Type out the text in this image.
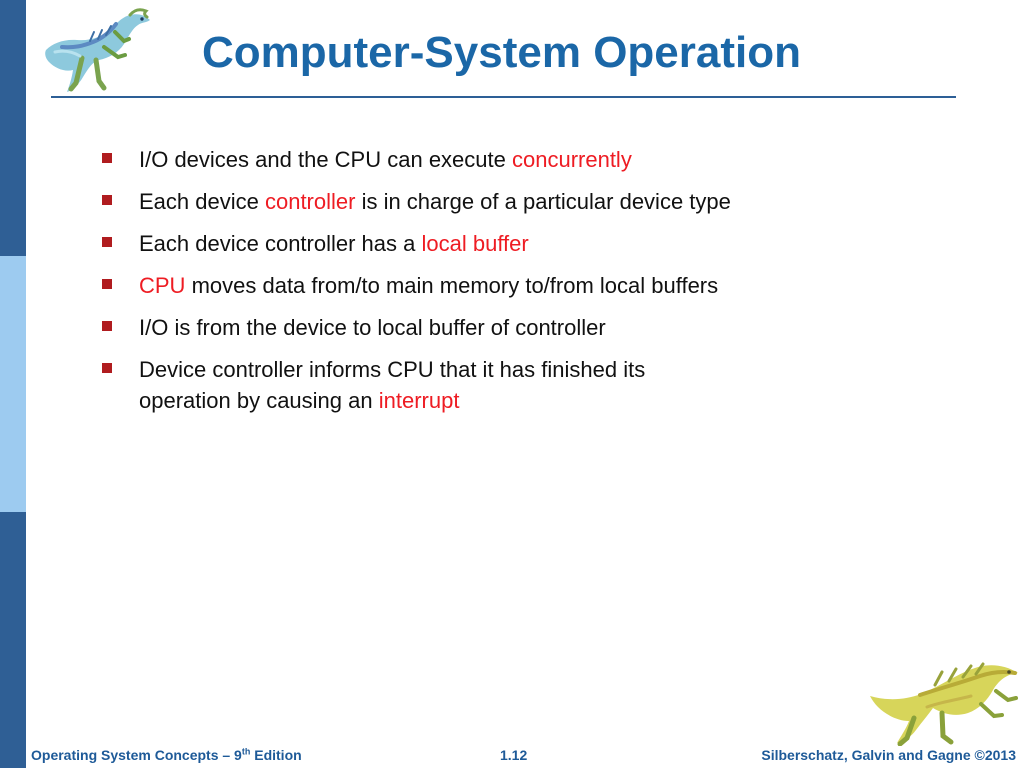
Computer-System Operation
I/O devices and the CPU can execute concurrently
Each device controller is in charge of a particular device type
Each device controller has a local buffer
CPU moves data from/to main memory to/from local buffers
I/O is from the device to local buffer of controller
Device controller informs CPU that it has finished its
operation by causing an interrupt
Operating System Concepts – 9th Edition	1.12	Silberschatz, Galvin and Gagne ©2013
